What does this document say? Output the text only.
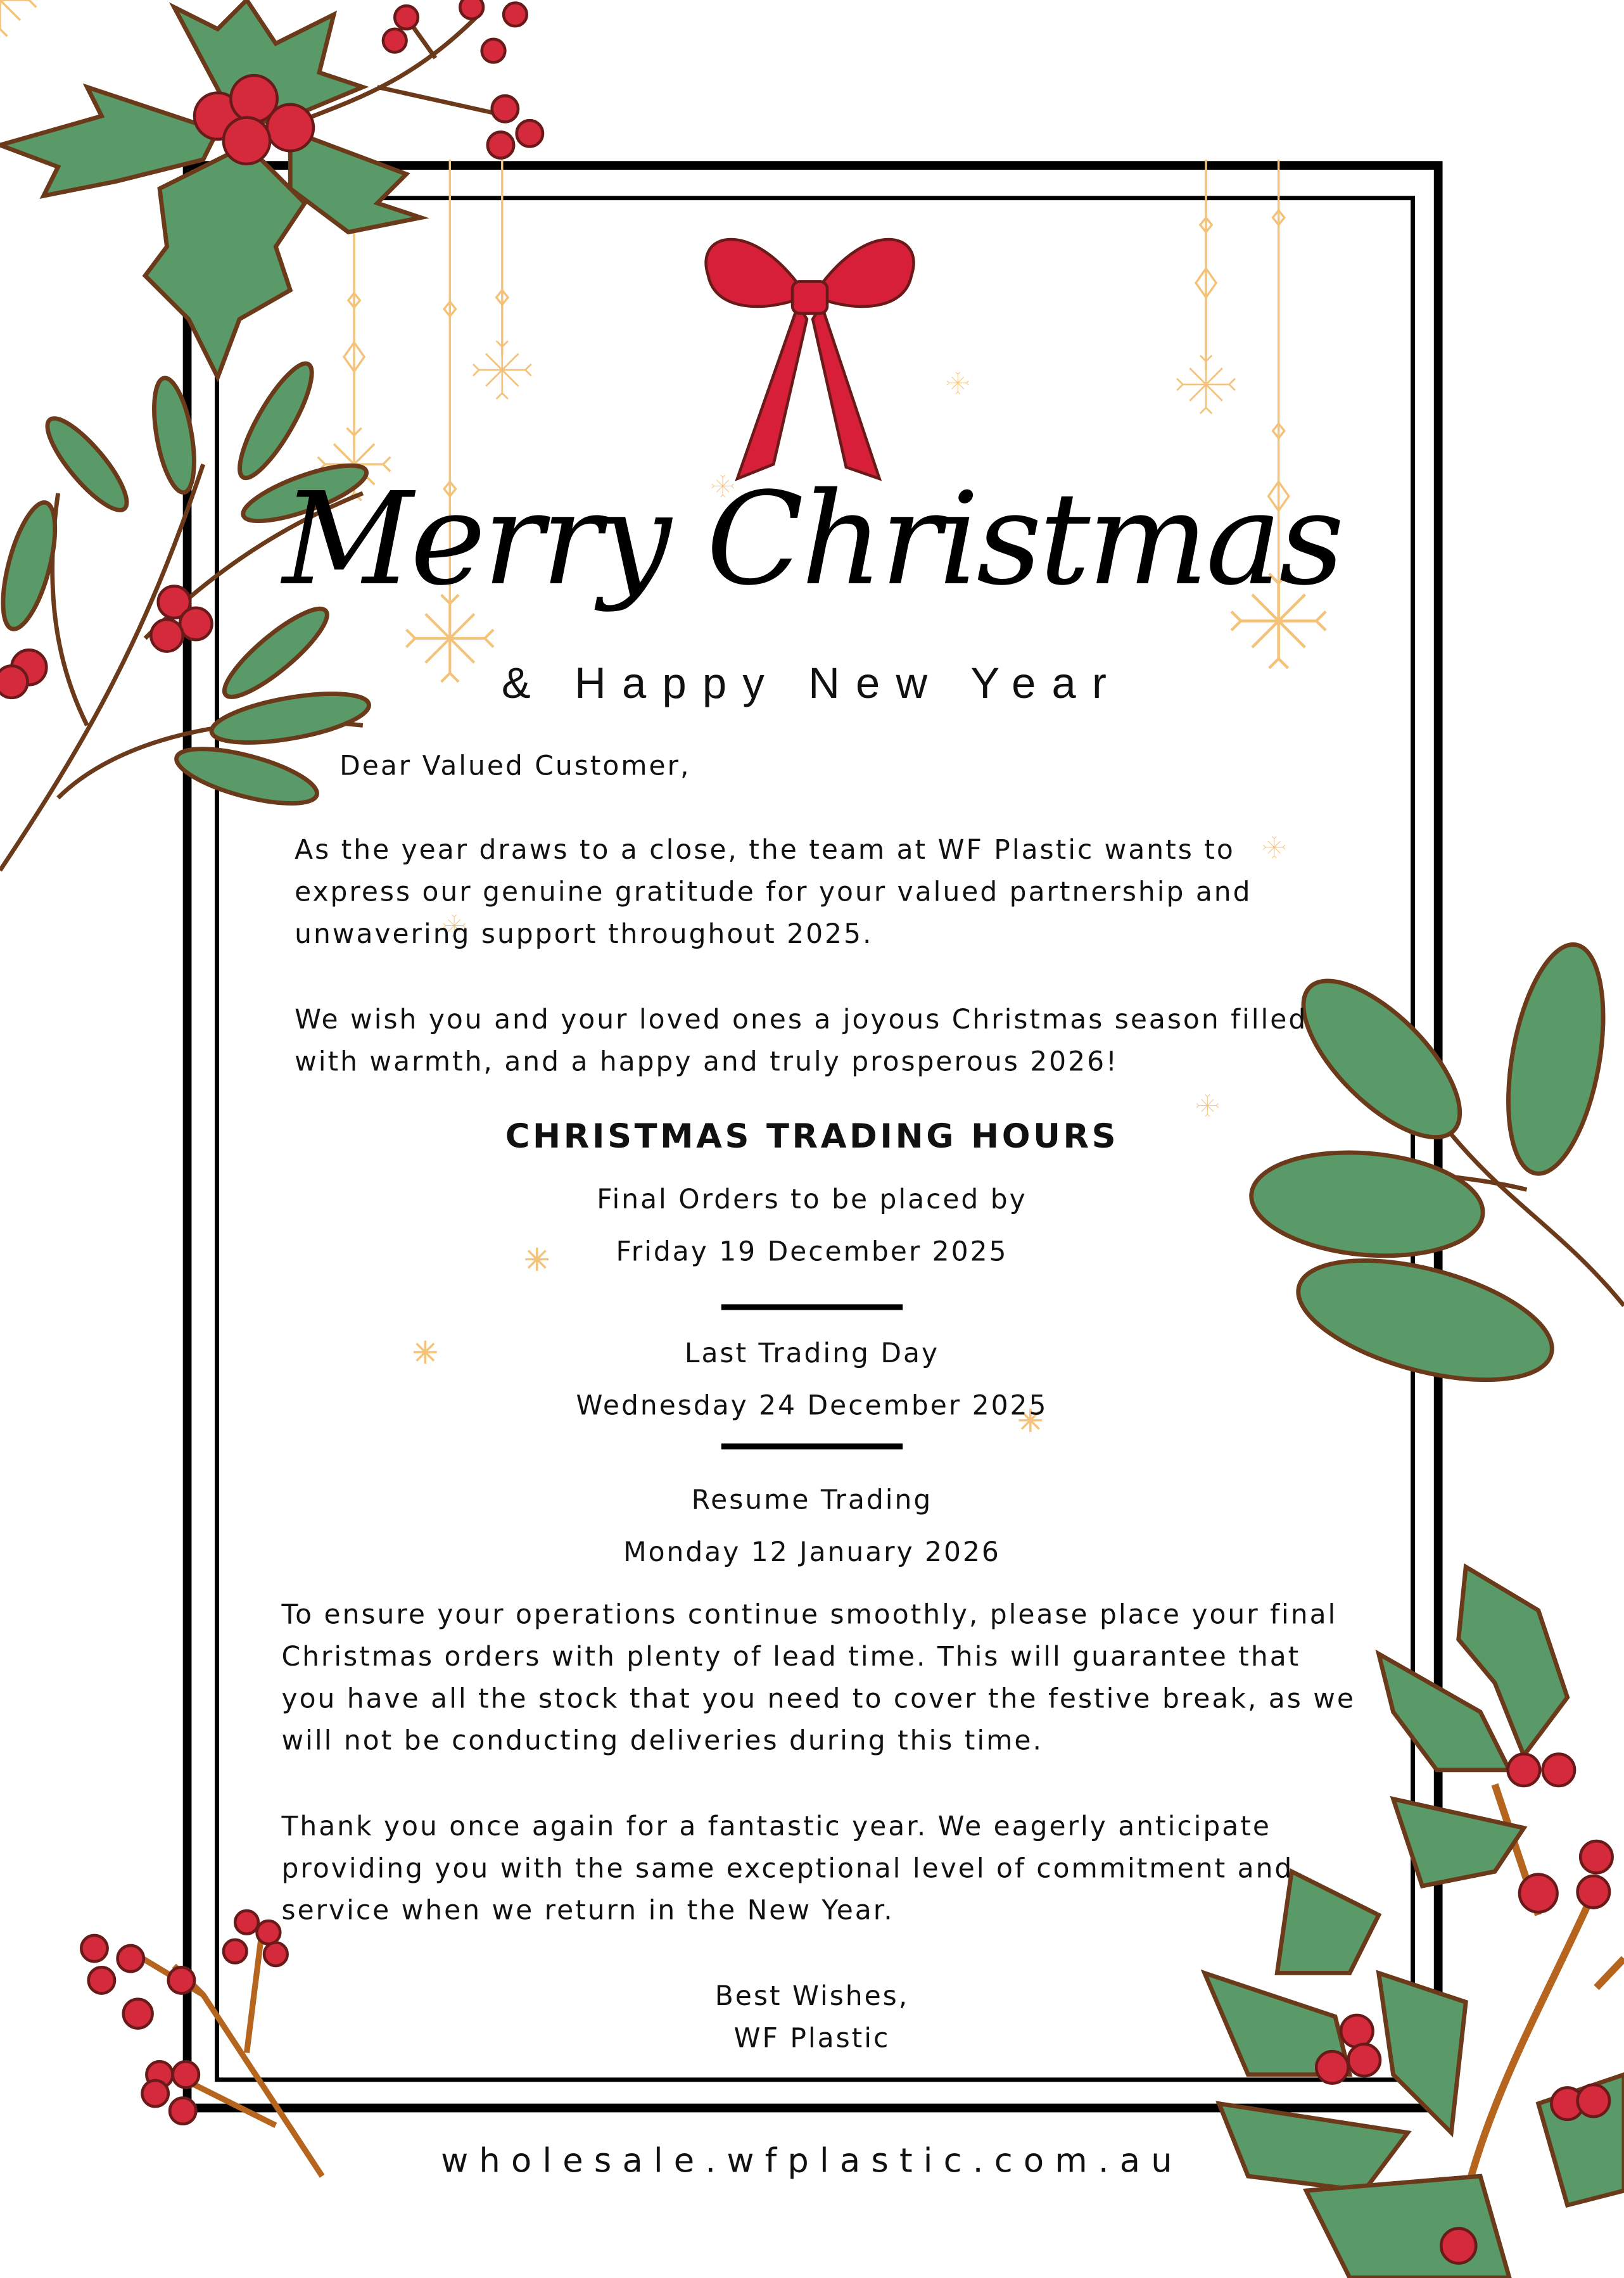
Merry Christmas
& Happy New Year
Dear Valued Customer,
As the year draws to a close, the team at WF Plastic wants to
express our genuine gratitude for your valued partnership and
unwavering support throughout 2025.
We wish you and your loved ones a joyous Christmas season filled
with warmth, and a happy and truly prosperous 2026!
CHRISTMAS TRADING HOURS
Final Orders to be placed by
Friday 19 December 2025
Last Trading Day
Wednesday 24 December 2025
Resume Trading
Monday 12 January 2026
To ensure your operations continue smoothly, please place your final
Christmas orders with plenty of lead time. This will guarantee that
you have all the stock that you need to cover the festive break, as we
will not be conducting deliveries during this time.
Thank you once again for a fantastic year. We eagerly anticipate
providing you with the same exceptional level of commitment and
service when we return in the New Year.
Best Wishes,
WF Plastic
wholesale.wfplastic.com.au
